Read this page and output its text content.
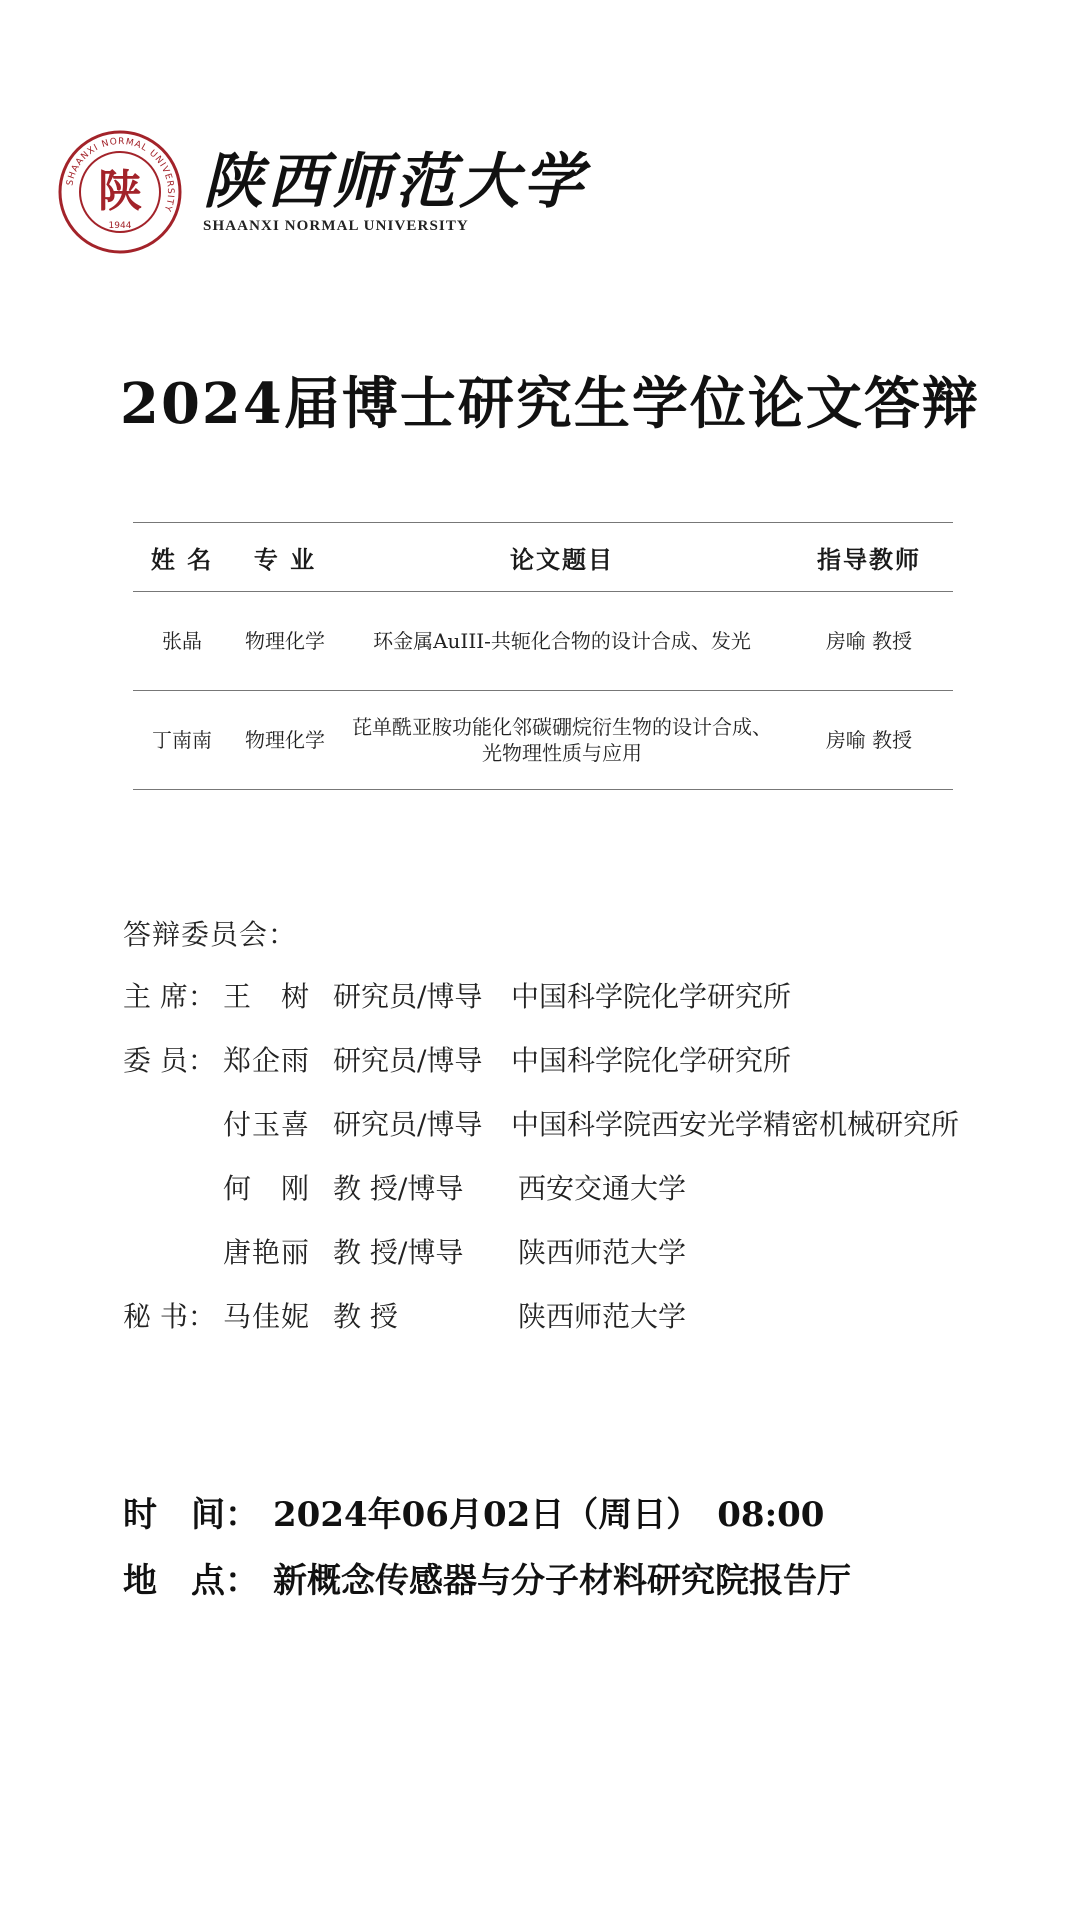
SHAANXI NORMAL UNIVERSITY
陕
1944
陕西师范大学
SHAANXI NORMAL UNIVERSITY
2024届博士研究生学位论文答辩
姓 名	专 业	论文题目	指导教师
张晶	物理化学	环金属AuIII-共轭化合物的设计合成、发光	房喻 教授
丁南南	物理化学	芘单酰亚胺功能化邻碳硼烷衍生物的设计合成、光物理性质与应用	房喻 教授
答辩委员会：
主 席： 王　树 研究员/博导	中国科学院化学研究所
委 员： 郑企雨 研究员/博导	中国科学院化学研究所
付玉喜 研究员/博导	中国科学院西安光学精密机械研究所
何　刚 教 授/博导	西安交通大学
唐艳丽 教 授/博导	陕西师范大学
秘 书： 马佳妮 教 授	陕西师范大学
时　间： 2024年06月02日（周日）　08:00
地　点： 新概念传感器与分子材料研究院报告厅
